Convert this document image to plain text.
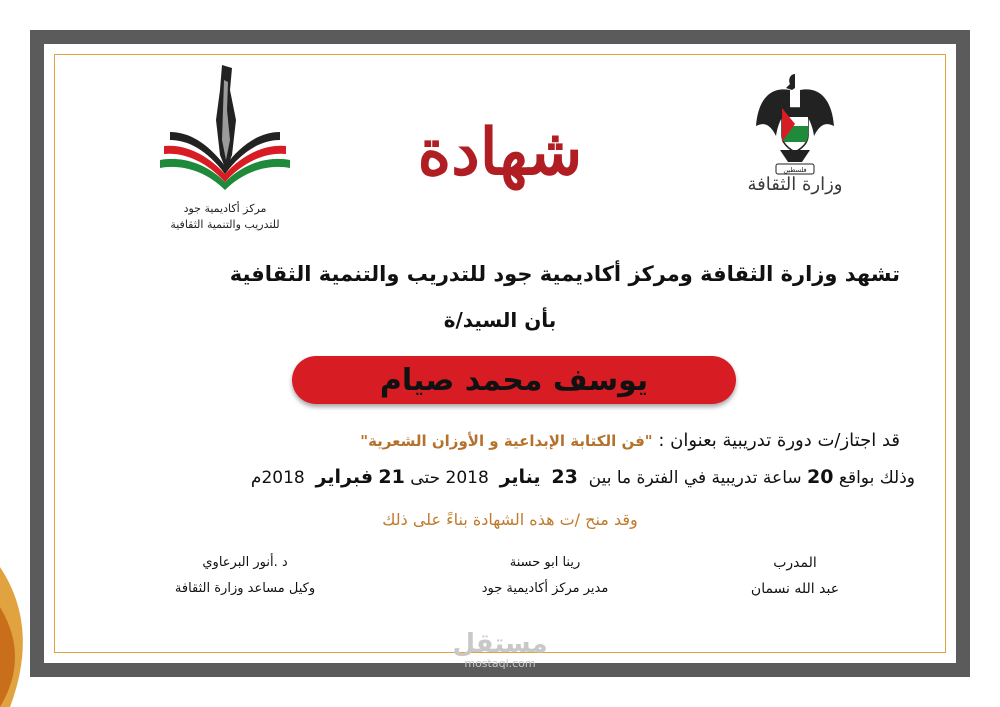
مركز أكاديمية جود
للتدريب والتنمية الثقافية
شهادة	فلسطين
وزارة الثقافة
تشهد وزارة الثقافة ومركز أكاديمية جود للتدريب والتنمية الثقافية
بأن السيد/ة
يوسف محمد صيام
قد اجتاز/ت دورة تدريبية بعنوان : "فن الكتابة الإبداعية و الأوزان الشعرية"
وذلك بواقع 20 ساعة تدريبية في الفترة ما بين  23  يناير  2018 حتى 21 فبراير  2018م
وقد منح /ت هذه الشهادة بناءً على ذلك
المدرب
عبد الله نسمان
رينا ابو حسنة
مدير مركز أكاديمية جود
د .أنور البرعاوي
وكيل مساعد وزارة الثقافة
مستقل
mostaql.com
